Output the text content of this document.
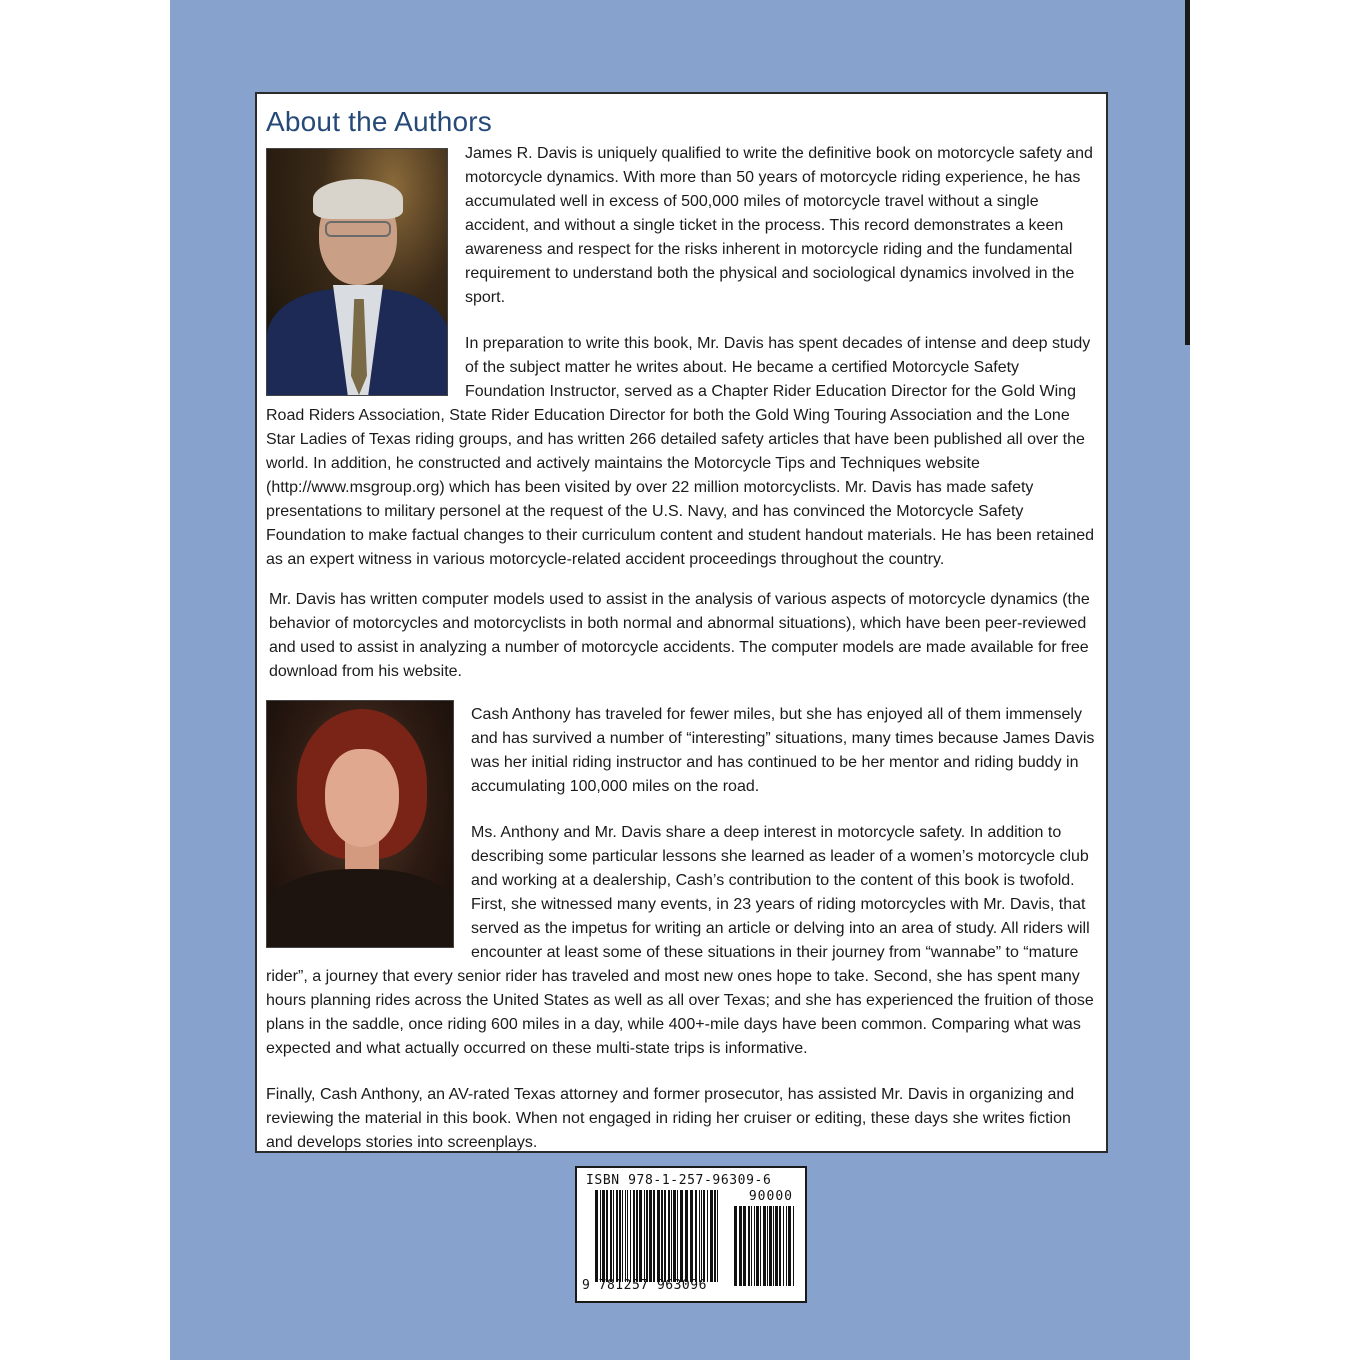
About the Authors

James R. Davis is uniquely qualified to write the definitive book on motorcycle safety and motorcycle dynamics. With more than 50 years of motorcycle riding experience, he has accumulated well in excess of 500,000 miles of motorcycle travel without a single accident, and without a single ticket in the process. This record demonstrates a keen awareness and respect for the risks inherent in motorcycle riding and the fundamental requirement to understand both the physical and sociological dynamics involved in the sport.

In preparation to write this book, Mr. Davis has spent decades of intense and deep study of the subject matter he writes about. He became a certified Motorcycle Safety Foundation Instructor, served as a Chapter Rider Education Director for the Gold Wing Road Riders Association, State Rider Education Director for both the Gold Wing Touring Association and the Lone Star Ladies of Texas riding groups, and has written 266 detailed safety articles that have been published all over the world. In addition, he constructed and actively maintains the Motorcycle Tips and Techniques website (http://www.msgroup.org) which has been visited by over 22 million motorcyclists. Mr. Davis has made safety presentations to military personel at the request of the U.S. Navy, and has convinced the Motorcycle Safety Foundation to make factual changes to their curriculum content and student handout materials. He has been retained as an expert witness in various motorcycle-related accident proceedings throughout the country.

Mr. Davis has written computer models used to assist in the analysis of various aspects of motorcycle dynamics (the behavior of motorcycles and motorcyclists in both normal and abnormal situations), which have been peer-reviewed and used to assist in analyzing a number of motorcycle accidents. The computer models are made available for free download from his website.

Cash Anthony has traveled for fewer miles, but she has enjoyed all of them immensely and has survived a number of “interesting” situations, many times because James Davis was her initial riding instructor and has continued to be her mentor and riding buddy in accumulating 100,000 miles on the road.

Ms. Anthony and Mr. Davis share a deep interest in motorcycle safety. In addition to describing some particular lessons she learned as leader of a women’s motorcycle club and working at a dealership, Cash’s contribution to the content of this book is twofold. First, she witnessed many events, in 23 years of riding motorcycles with Mr. Davis, that served as the impetus for writing an article or delving into an area of study. All riders will encounter at least some of these situations in their journey from “wannabe” to “mature rider”, a journey that every senior rider has traveled and most new ones hope to take. Second, she has spent many hours planning rides across the United States as well as all over Texas; and she has experienced the fruition of those plans in the saddle, once riding 600 miles in a day, while 400+-mile days have been common. Comparing what was expected and what actually occurred on these multi-state trips is informative.

Finally, Cash Anthony, an AV-rated Texas attorney and former prosecutor, has assisted Mr. Davis in organizing and reviewing the material in this book. When not engaged in riding her cruiser or editing, these days she writes fiction and develops stories into screenplays.

ISBN 978-1-257-96309-6
90000
9 781257 963096
